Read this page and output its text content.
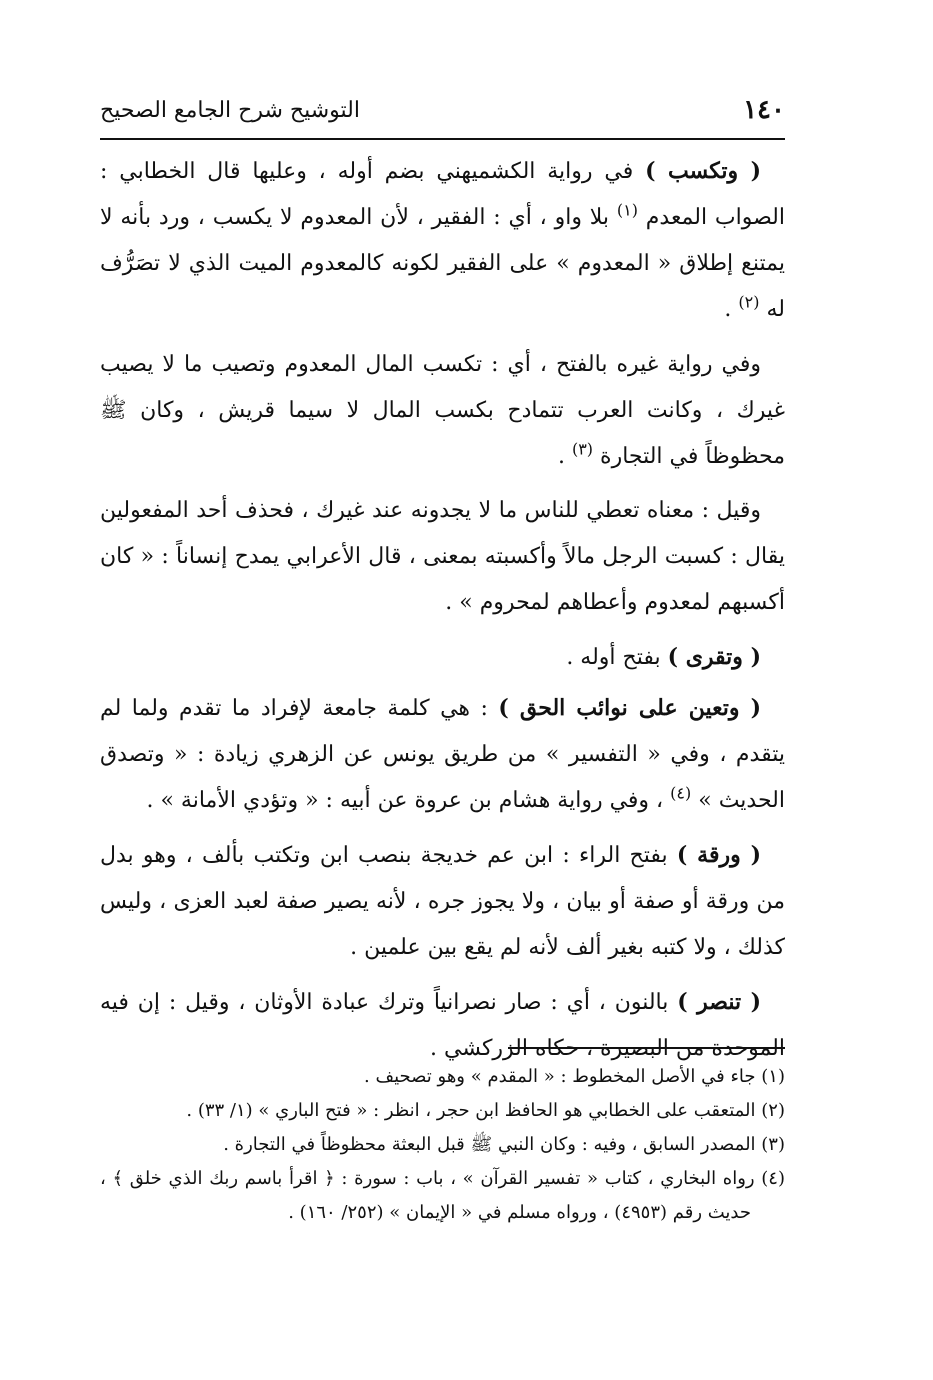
١٤٠
التوشيح شرح الجامع الصحيح

( وتكسب ) في رواية الكشميهني بضم أوله ، وعليها قال الخطابي : الصواب المعدم $^{(١)}$ بلا واو ، أي : الفقير ، لأن المعدوم لا يكسب ، ورد بأنه لا يمتنع إطلاق « المعدوم » على الفقير لكونه كالمعدوم الميت الذي لا تصَرُّف له $^{(٢)}$ .

وفي رواية غيره بالفتح ، أي : تكسب المال المعدوم وتصيب ما لا يصيب غيرك ، وكانت العرب تتمادح بكسب المال لا سيما قريش ، وكان ﷺ محظوظاً في التجارة $^{(٣)}$ .

وقيل : معناه تعطي للناس ما لا يجدونه عند غيرك ، فحذف أحد المفعولين يقال : كسبت الرجل مالاً وأكسبته بمعنى ، قال الأعرابي يمدح إنساناً : « كان أكسبهم لمعدوم وأعطاهم لمحروم » .

( وتقرى ) بفتح أوله .

( وتعين على نوائب الحق ) : هي كلمة جامعة لإفراد ما تقدم ولما لم يتقدم ، وفي « التفسير » من طريق يونس عن الزهري زيادة : « وتصدق الحديث » $^{(٤)}$ ، وفي رواية هشام بن عروة عن أبيه : « وتؤدي الأمانة » .

( ورقة ) بفتح الراء : ابن عم خديجة بنصب ابن وتكتب بألف ، وهو بدل من ورقة أو صفة أو بيان ، ولا يجوز جره ، لأنه يصير صفة لعبد العزى ، وليس كذلك ، ولا كتبه بغير ألف لأنه لم يقع بين علمين .

( تنصر ) بالنون ، أي : صار نصرانياً وترك عبادة الأوثان ، وقيل : إن فيه الموحدة من البصيرة ، حكاه الزركشي .

(١) جاء في الأصل المخطوط : « المقدم » وهو تصحيف .

(٢) المتعقب على الخطابي هو الحافظ ابن حجر ، انظر : « فتح الباري » (١/ ٣٣) .

(٣) المصدر السابق ، وفيه : وكان النبي ﷺ قبل البعثة محظوظاً في التجارة .

(٤) رواه البخاري ، كتاب « تفسير القرآن » ، باب : سورة : ﴿ اقرأ باسم ربك الذي خلق ﴾ ، حديث رقم (٤٩٥٣) ، ورواه مسلم في « الإيمان » (٢٥٢/ ١٦٠) .
